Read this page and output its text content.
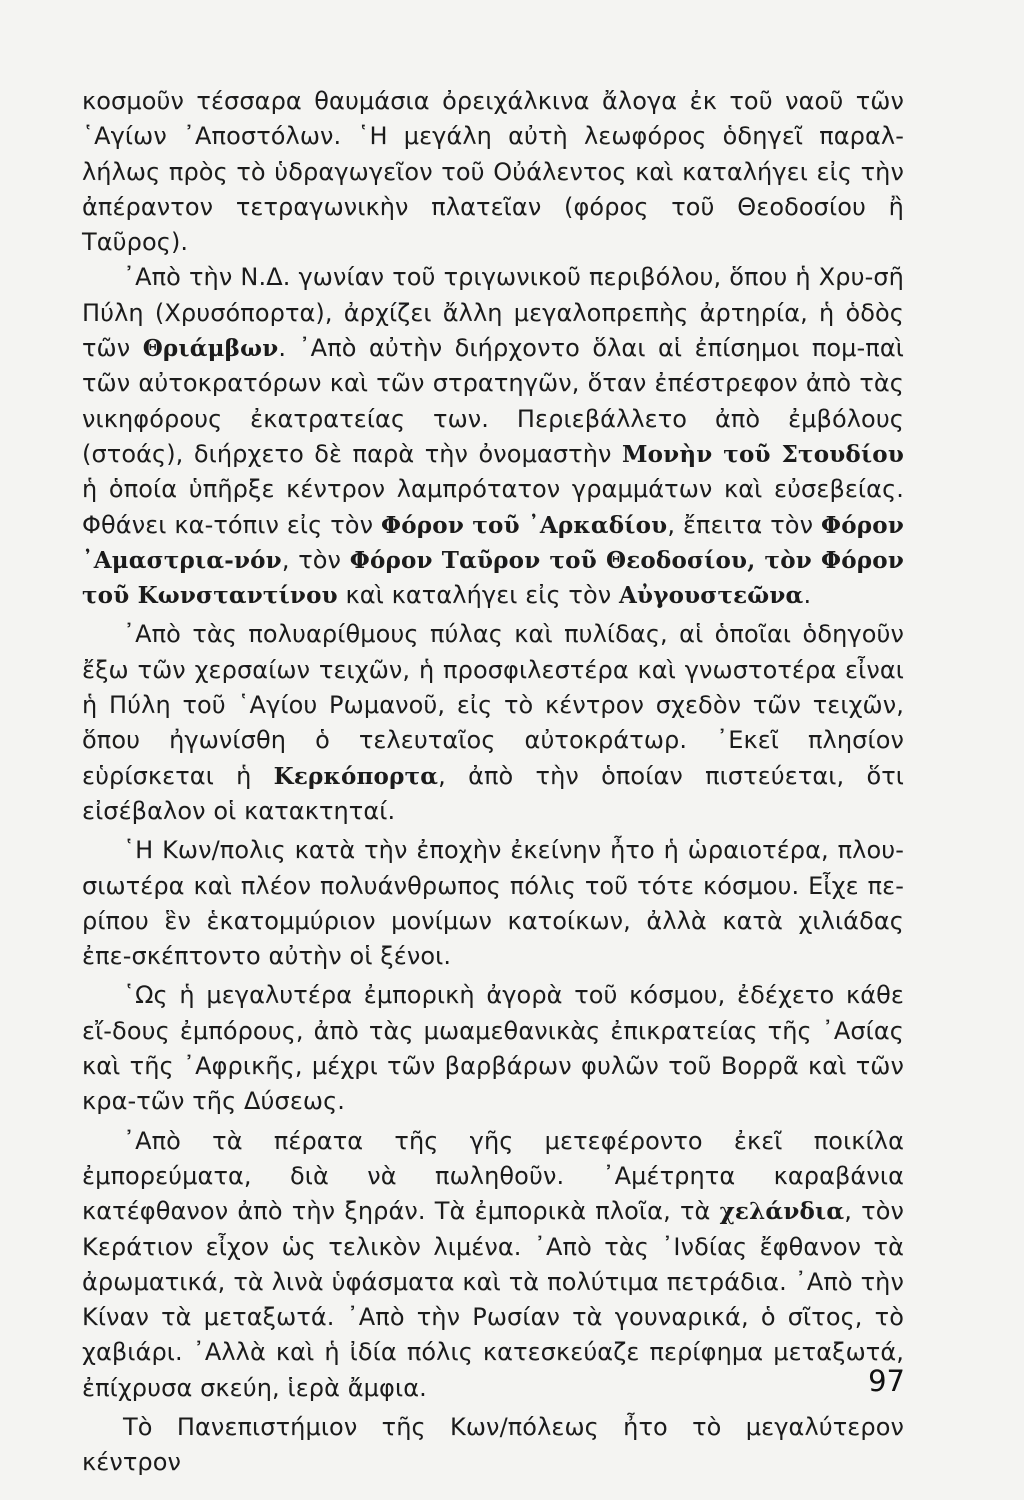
κοσμοῦν τέσσαρα θαυμάσια ὀρειχάλκινα ἄλογα ἐκ τοῦ ναοῦ τῶν ῾Αγίων ᾽Αποστόλων. ῾Η μεγάλη αὐτὴ λεωφόρος ὁδηγεῖ παραλ-λήλως πρὸς τὸ ὑδραγωγεῖον τοῦ Οὐάλεντος καὶ καταλήγει εἰς τὴν ἀπέραντον τετραγωνικὴν πλατεῖαν (φόρος τοῦ Θεοδοσίου ἢ Ταῦρος).

᾽Απὸ τὴν Ν.Δ. γωνίαν τοῦ τριγωνικοῦ περιβόλου, ὅπου ἡ Χρυ-σῆ Πύλη (Χρυσόπορτα), ἀρχίζει ἄλλη μεγαλοπρεπὴς ἀρτηρία, ἡ ὁδὸς τῶν Θριάμβων. ᾽Απὸ αὐτὴν διήρχοντο ὅλαι αἱ ἐπίσημοι πομ-παὶ τῶν αὐτοκρατόρων καὶ τῶν στρατηγῶν, ὅταν ἐπέστρεφον ἀπὸ τὰς νικηφόρους ἐκατρατείας των. Περιεβάλλετο ἀπὸ ἐμβόλους (στοάς), διήρχετο δὲ παρὰ τὴν ὀνομαστὴν Μονὴν τοῦ Στουδίου ἡ ὁποία ὑπῆρξε κέντρον λαμπρότατον γραμμάτων καὶ εὐσεβείας. Φθάνει κα-τόπιν εἰς τὸν Φόρον τοῦ ᾽Αρκαδίου, ἔπειτα τὸν Φόρον ᾽Αμαστρια-νόν, τὸν Φόρον Ταῦρον τοῦ Θεοδοσίου, τὸν Φόρον τοῦ Κωνσταντίνου καὶ καταλήγει εἰς τὸν Αὐγουστεῶνα.

᾽Απὸ τὰς πολυαρίθμους πύλας καὶ πυλίδας, αἱ ὁποῖαι ὁδηγοῦν ἔξω τῶν χερσαίων τειχῶν, ἡ προσφιλεστέρα καὶ γνωστοτέρα εἶναι ἡ Πύλη τοῦ ῾Αγίου Ρωμανοῦ, εἰς τὸ κέντρον σχεδὸν τῶν τειχῶν, ὅπου ἠγωνίσθη ὁ τελευταῖος αὐτοκράτωρ. ᾽Εκεῖ πλησίον εὑρίσκεται ἡ Κερκόπορτα, ἀπὸ τὴν ὁποίαν πιστεύεται, ὅτι εἰσέβαλον οἱ κατακτηταί.

῾Η Κων/πολις κατὰ τὴν ἐποχὴν ἐκείνην ἦτο ἡ ὡραιοτέρα, πλου-σιωτέρα καὶ πλέον πολυάνθρωπος πόλις τοῦ τότε κόσμου. Εἶχε πε-ρίπου ἓν ἑκατομμύριον μονίμων κατοίκων, ἀλλὰ κατὰ χιλιάδας ἐπε-σκέπτοντο αὐτὴν οἱ ξένοι.

῾Ως ἡ μεγαλυτέρα ἐμπορικὴ ἀγορὰ τοῦ κόσμου, ἐδέχετο κάθε εἴ-δους ἐμπόρους, ἀπὸ τὰς μωαμεθανικὰς ἐπικρατείας τῆς ᾽Ασίας καὶ τῆς ᾽Αφρικῆς, μέχρι τῶν βαρβάρων φυλῶν τοῦ Βορρᾶ καὶ τῶν κρα-τῶν τῆς Δύσεως.

᾽Απὸ τὰ πέρατα τῆς γῆς μετεφέροντο ἐκεῖ ποικίλα ἐμπορεύματα, διὰ νὰ πωληθοῦν. ᾽Αμέτρητα καραβάνια κατέφθανον ἀπὸ τὴν ξηράν. Τὰ ἐμπορικὰ πλοῖα, τὰ χελάνδια, τὸν Κεράτιον εἶχον ὡς τελικὸν λιμένα. ᾽Απὸ τὰς ᾽Ινδίας ἔφθανον τὰ ἀρωματικά, τὰ λινὰ ὑφάσματα καὶ τὰ πολύτιμα πετράδια. ᾽Απὸ τὴν Κίναν τὰ μεταξωτά. ᾽Απὸ τὴν Ρωσίαν τὰ γουναρικά, ὁ σῖτος, τὸ χαβιάρι. ᾽Αλλὰ καὶ ἡ ἰδία πόλις κατεσκεύαζε περίφημα μεταξωτά, ἐπίχρυσα σκεύη, ἱερὰ ἄμφια.

Τὸ Πανεπιστήμιον τῆς Κων/πόλεως ἦτο τὸ μεγαλύτερον κέντρον

97
